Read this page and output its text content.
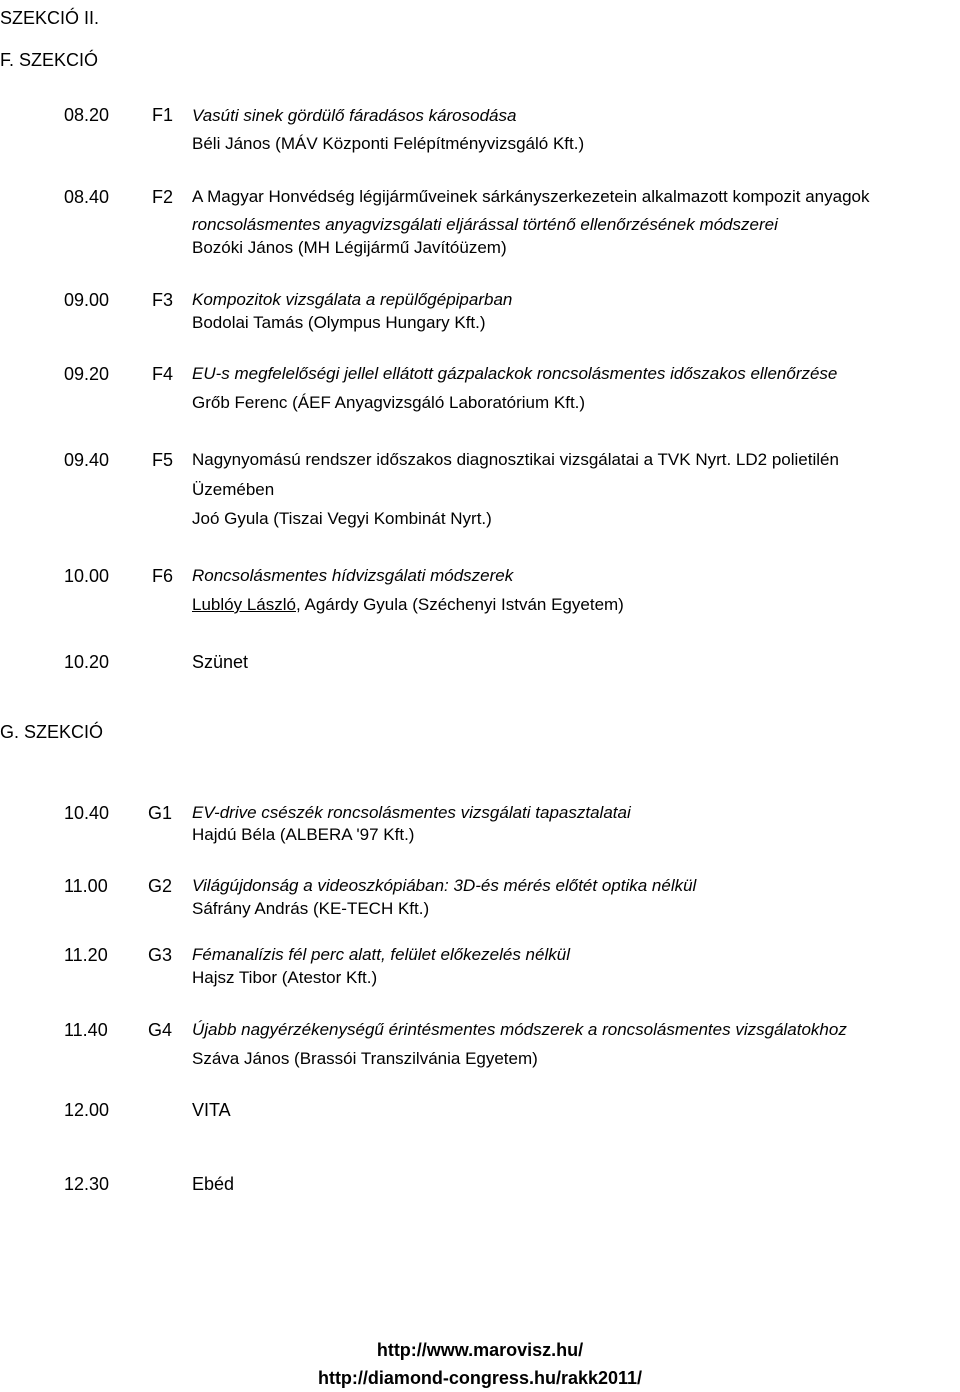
SZEKCIÓ II.
F. SZEKCIÓ
08.20 F1 Vasúti sinek gördülő fáradásos károsodása
Béli János (MÁV Központi Felépítményvizsgáló Kft.)
08.40 F2 A Magyar Honvédség légijárműveinek sárkányszerkezetein alkalmazott kompozit anyagok
roncsolásmentes anyagvizsgálati eljárással történő ellenőrzésének módszerei
Bozóki János (MH Légijármű Javítóüzem)
09.00 F3 Kompozitok vizsgálata a repülőgépiparban
Bodolai Tamás (Olympus Hungary Kft.)
09.20 F4 EU-s megfelelőségi jellel ellátott gázpalackok roncsolásmentes időszakos ellenőrzése
Grőb Ferenc (ÁEF Anyagvizsgáló Laboratórium Kft.)
09.40 F5 Nagynyomású rendszer időszakos diagnosztikai vizsgálatai a TVK Nyrt. LD2 polietilén
Üzemében
Joó Gyula (Tiszai Vegyi Kombinát Nyrt.)
10.00 F6 Roncsolásmentes hídvizsgálati módszerek
Lublóy László, Agárdy Gyula (Széchenyi István Egyetem)
10.20	Szünet
G. SZEKCIÓ
10.40 G1 EV-drive csészék roncsolásmentes vizsgálati tapasztalatai
Hajdú Béla (ALBERA '97 Kft.)
11.00 G2 Világújdonság a videoszkópiában: 3D-és mérés előtét optika nélkül
Sáfrány András (KE-TECH Kft.)
11.20 G3 Fémanalízis fél perc alatt, felület előkezelés nélkül
Hajsz Tibor (Atestor Kft.)
11.40 G4 Újabb nagyérzékenységű érintésmentes módszerek a roncsolásmentes vizsgálatokhoz
Száva János (Brassói Transzilvánia Egyetem)
12.00	VITA
12.30	Ebéd
http://www.marovisz.hu/
http://diamond-congress.hu/rakk2011/
